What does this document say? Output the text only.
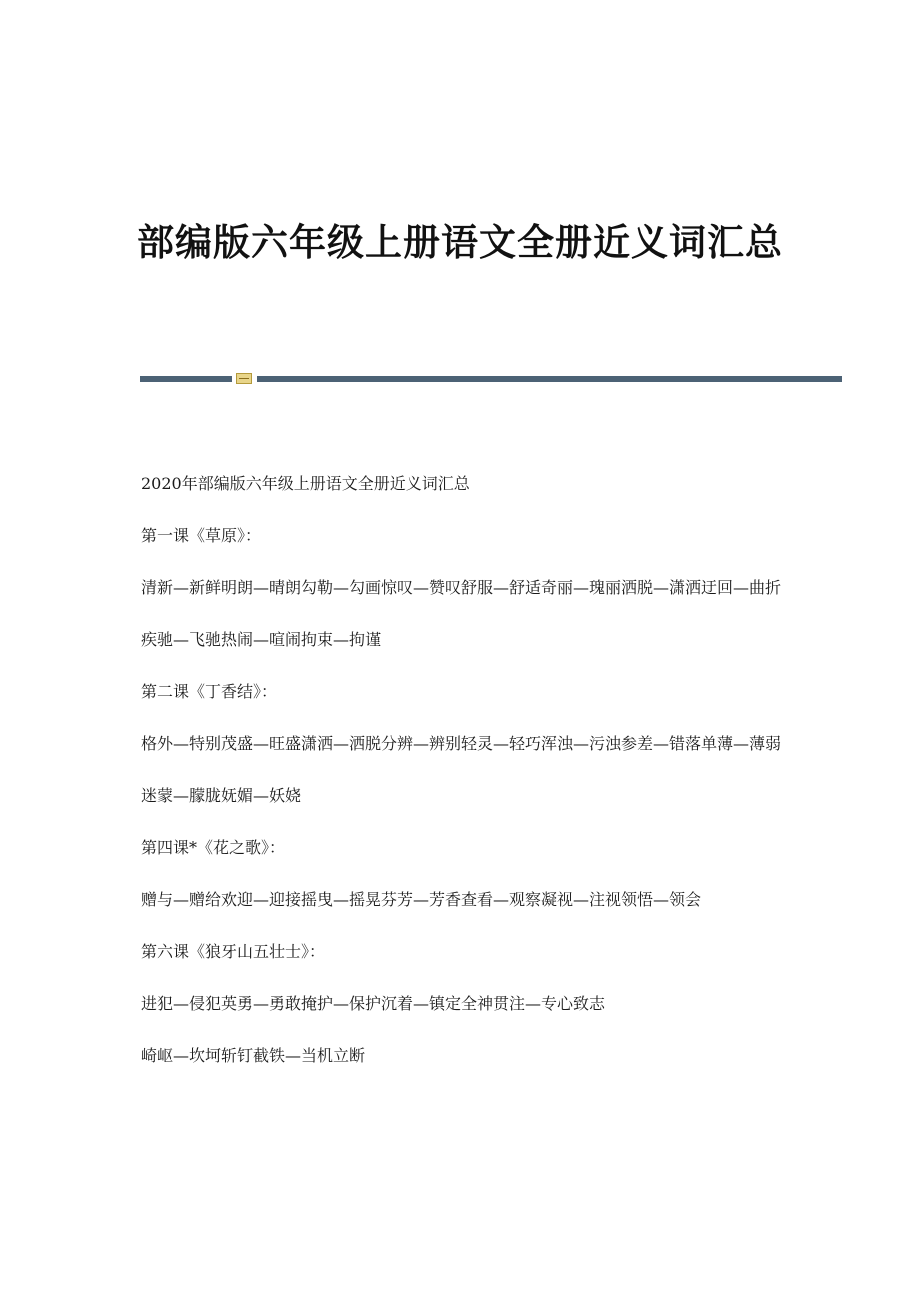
部编版六年级上册语文全册近义词汇总

2020年部编版六年级上册语文全册近义词汇总

第一课《草原》：

清新—新鲜明朗—晴朗勾勒—勾画惊叹—赞叹舒服—舒适奇丽—瑰丽洒脱—潇洒迂回—曲折疾驰—飞驰热闹—喧闹拘束—拘谨

第二课《丁香结》：

格外—特别茂盛—旺盛潇洒—洒脱分辨—辨别轻灵—轻巧浑浊—污浊参差—错落单薄—薄弱迷蒙—朦胧妩媚—妖娆

第四课*《花之歌》：

赠与—赠给欢迎—迎接摇曳—摇晃芬芳—芳香查看—观察凝视—注视领悟—领会

第六课《狼牙山五壮士》：

进犯—侵犯英勇—勇敢掩护—保护沉着—镇定全神贯注—专心致志

崎岖—坎坷斩钉截铁—当机立断
